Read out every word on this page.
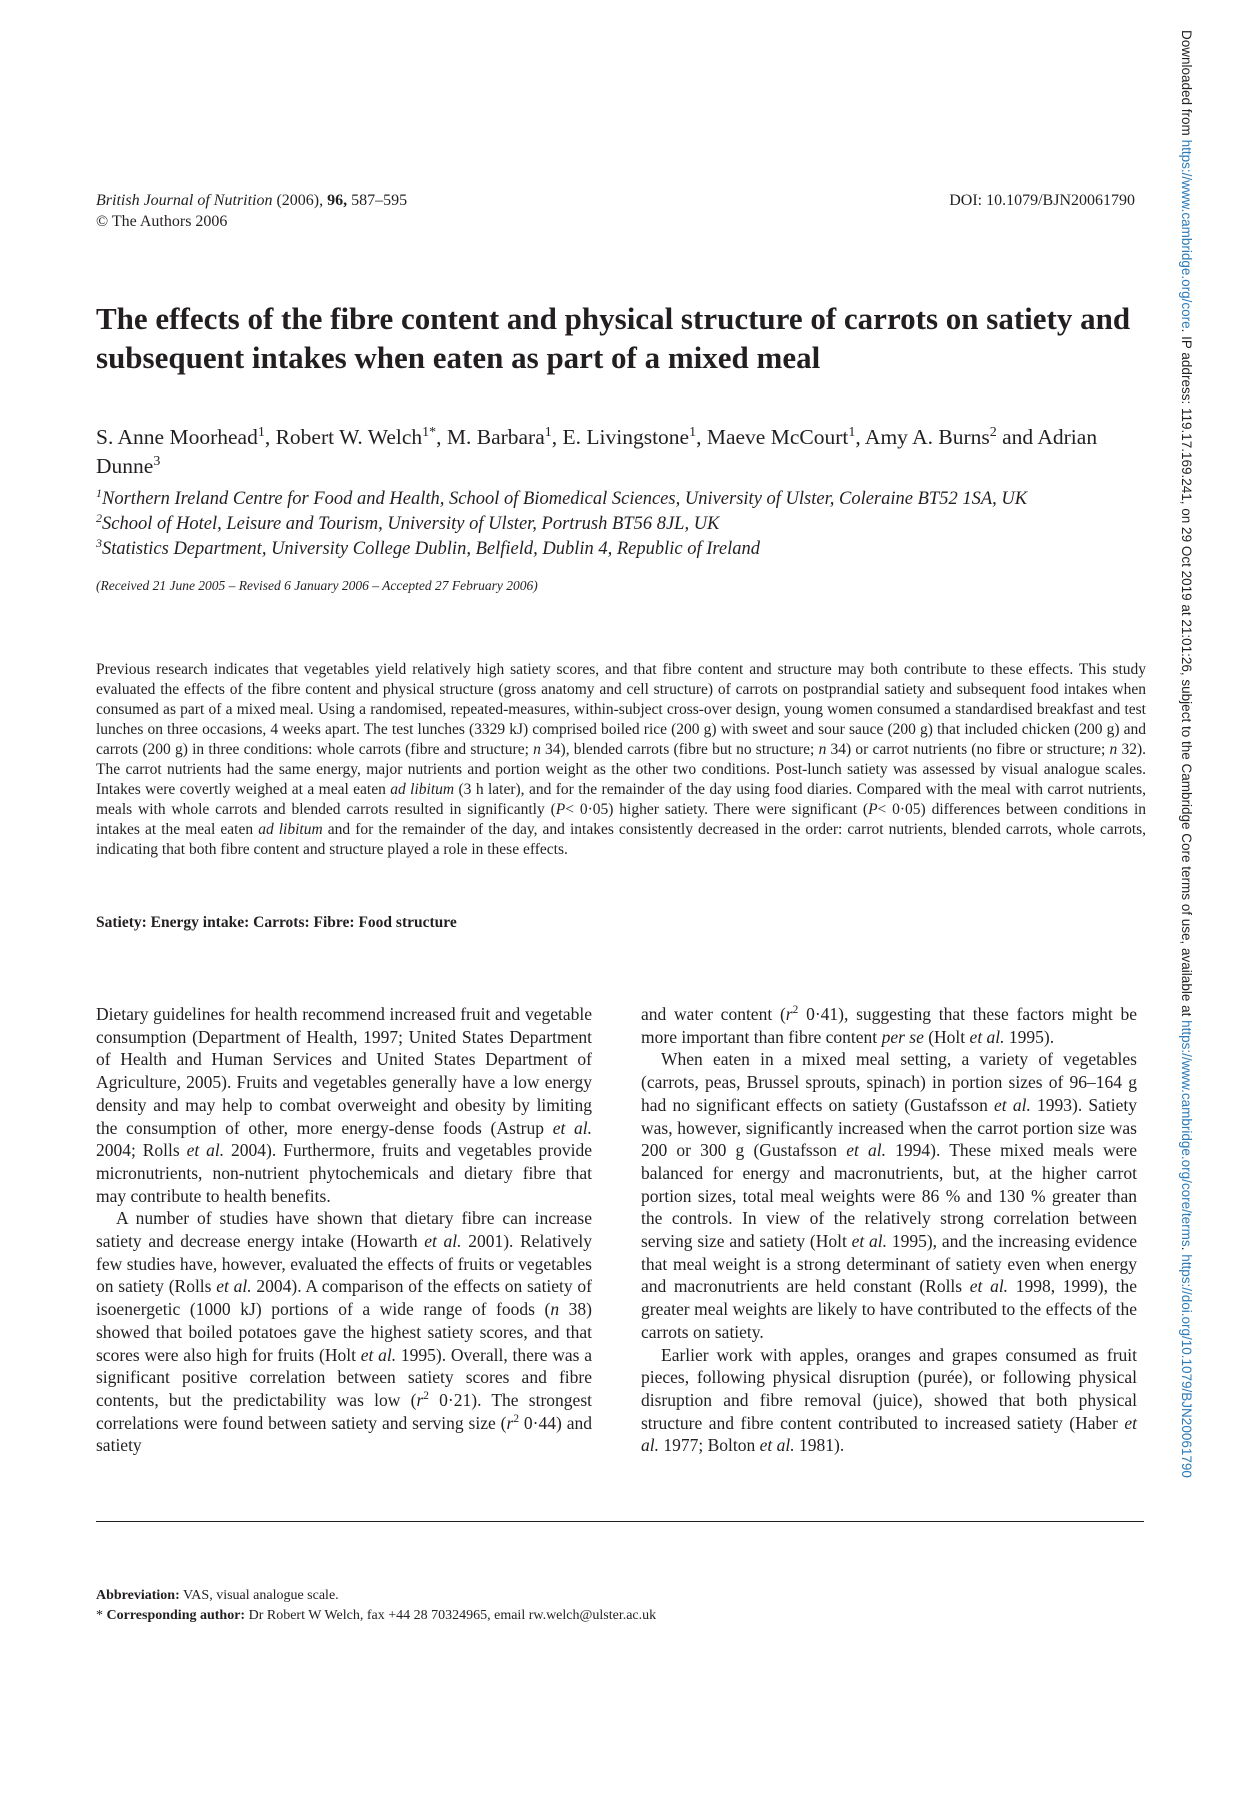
British Journal of Nutrition (2006), 96, 587–595
© The Authors 2006
DOI: 10.1079/BJN20061790
The effects of the fibre content and physical structure of carrots on satiety and subsequent intakes when eaten as part of a mixed meal
S. Anne Moorhead$^1$, Robert W. Welch$^{1*}$, M. Barbara$^1$, E. Livingstone$^1$, Maeve McCourt$^1$, Amy A. Burns$^2$ and Adrian Dunne$^3$
$^1$Northern Ireland Centre for Food and Health, School of Biomedical Sciences, University of Ulster, Coleraine BT52 1SA, UK
$^2$School of Hotel, Leisure and Tourism, University of Ulster, Portrush BT56 8JL, UK
$^3$Statistics Department, University College Dublin, Belfield, Dublin 4, Republic of Ireland
(Received 21 June 2005 – Revised 6 January 2006 – Accepted 27 February 2006)
Previous research indicates that vegetables yield relatively high satiety scores, and that fibre content and structure may both contribute to these effects. This study evaluated the effects of the fibre content and physical structure (gross anatomy and cell structure) of carrots on postprandial satiety and subsequent food intakes when consumed as part of a mixed meal. Using a randomised, repeated-measures, within-subject cross-over design, young women consumed a standardised breakfast and test lunches on three occasions, 4 weeks apart. The test lunches (3329 kJ) comprised boiled rice (200 g) with sweet and sour sauce (200 g) that included chicken (200 g) and carrots (200 g) in three conditions: whole carrots (fibre and structure; n 34), blended carrots (fibre but no structure; n 34) or carrot nutrients (no fibre or structure; n 32). The carrot nutrients had the same energy, major nutrients and portion weight as the other two conditions. Post-lunch satiety was assessed by visual analogue scales. Intakes were covertly weighed at a meal eaten ad libitum (3 h later), and for the remainder of the day using food diaries. Compared with the meal with carrot nutrients, meals with whole carrots and blended carrots resulted in significantly (P< 0·05) higher satiety. There were significant (P< 0·05) differences between conditions in intakes at the meal eaten ad libitum and for the remainder of the day, and intakes consistently decreased in the order: carrot nutrients, blended carrots, whole carrots, indicating that both fibre content and structure played a role in these effects.
Satiety: Energy intake: Carrots: Fibre: Food structure

Dietary guidelines for health recommend increased fruit and vegetable consumption (Department of Health, 1997; United States Department of Health and Human Services and United States Department of Agriculture, 2005). Fruits and vegetables generally have a low energy density and may help to combat overweight and obesity by limiting the consumption of other, more energy-dense foods (Astrup et al. 2004; Rolls et al. 2004). Furthermore, fruits and vegetables provide micronutrients, non-nutrient phytochemicals and dietary fibre that may contribute to health benefits.

A number of studies have shown that dietary fibre can increase satiety and decrease energy intake (Howarth et al. 2001). Relatively few studies have, however, evaluated the effects of fruits or vegetables on satiety (Rolls et al. 2004). A comparison of the effects on satiety of isoenergetic (1000 kJ) portions of a wide range of foods (n 38) showed that boiled potatoes gave the highest satiety scores, and that scores were also high for fruits (Holt et al. 1995). Overall, there was a significant positive correlation between satiety scores and fibre contents, but the predictability was low ($r^2$ 0·21). The strongest correlations were found between satiety and serving size ($r^2$ 0·44) and satiety

and water content ($r^2$ 0·41), suggesting that these factors might be more important than fibre content per se (Holt et al. 1995).

When eaten in a mixed meal setting, a variety of vegetables (carrots, peas, Brussel sprouts, spinach) in portion sizes of 96–164 g had no significant effects on satiety (Gustafsson et al. 1993). Satiety was, however, significantly increased when the carrot portion size was 200 or 300 g (Gustafsson et al. 1994). These mixed meals were balanced for energy and macronutrients, but, at the higher carrot portion sizes, total meal weights were 86 % and 130 % greater than the controls. In view of the relatively strong correlation between serving size and satiety (Holt et al. 1995), and the increasing evidence that meal weight is a strong determinant of satiety even when energy and macronutrients are held constant (Rolls et al. 1998, 1999), the greater meal weights are likely to have contributed to the effects of the carrots on satiety.

Earlier work with apples, oranges and grapes consumed as fruit pieces, following physical disruption (purée), or following physical disruption and fibre removal (juice), showed that both physical structure and fibre content contributed to increased satiety (Haber et al. 1977; Bolton et al. 1981).

Abbreviation: VAS, visual analogue scale.
* Corresponding author: Dr Robert W Welch, fax +44 28 70324965, email rw.welch@ulster.ac.uk
Downloaded from https://www.cambridge.org/core. IP address: 119.17.169.241, on 29 Oct 2019 at 21:01:26, subject to the Cambridge Core terms of use, available at https://www.cambridge.org/core/terms. https://doi.org/10.1079/BJN20061790
